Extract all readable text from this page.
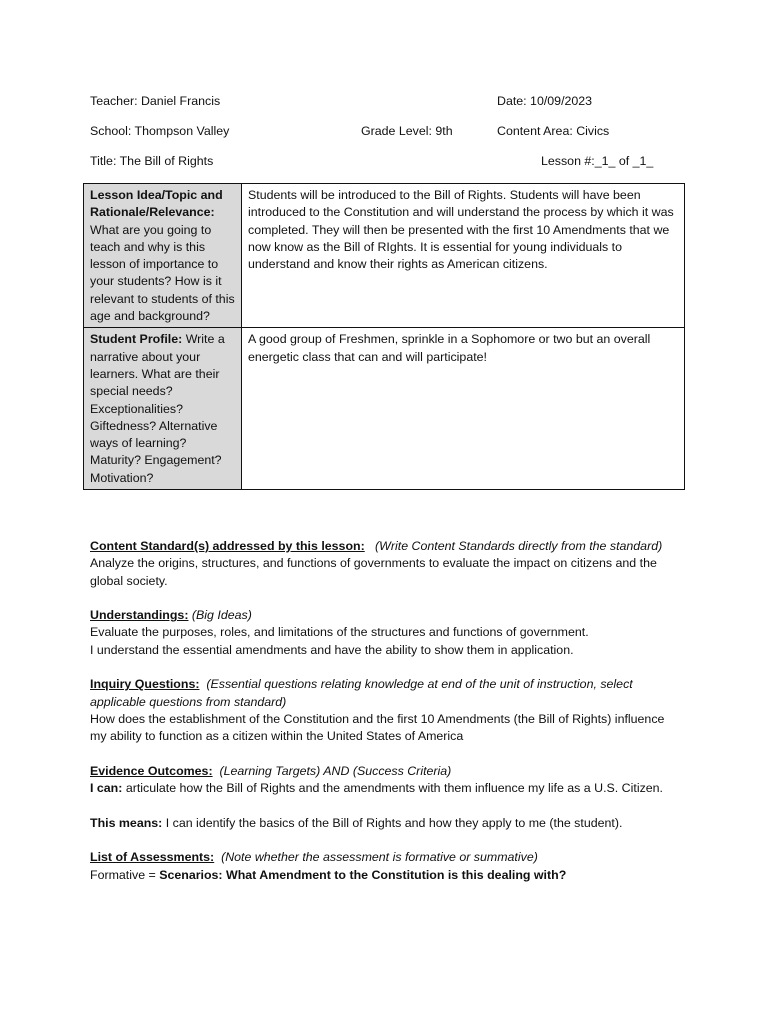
Teacher: Daniel Francis	Date: 10/09/2023
School: Thompson Valley	Grade Level: 9th	Content Area: Civics
Title: The Bill of Rights	Lesson #:_1_ of _1_
Lesson Idea/Topic and Rationale/Relevance: What are you going to teach and why is this lesson of importance to your students? How is it relevant to students of this age and background?	Students will be introduced to the Bill of Rights. Students will have been introduced to the Constitution and will understand the process by which it was completed. They will then be presented with the first 10 Amendments that we now know as the Bill of RIghts. It is essential for young individuals to understand and know their rights as American citizens.
Student Profile: Write a narrative about your learners. What are their special needs? Exceptionalities? Giftedness? Alternative ways of learning? Maturity? Engagement? Motivation?	A good group of Freshmen, sprinkle in a Sophomore or two but an overall energetic class that can and will participate!

Content Standard(s) addressed by this lesson: (Write Content Standards directly from the standard)

Analyze the origins, structures, and functions of governments to evaluate the impact on citizens and the global society.

Understandings: (Big Ideas)

Evaluate the purposes, roles, and limitations of the structures and functions of government.

I understand the essential amendments and have the ability to show them in application.

Inquiry Questions: (Essential questions relating knowledge at end of the unit of instruction, select applicable questions from standard)

How does the establishment of the Constitution and the first 10 Amendments (the Bill of Rights) influence my ability to function as a citizen within the United States of America

Evidence Outcomes: (Learning Targets) AND (Success Criteria)

I can: articulate how the Bill of Rights and the amendments with them influence my life as a U.S. Citizen.

This means: I can identify the basics of the Bill of Rights and how they apply to me (the student).

List of Assessments: (Note whether the assessment is formative or summative)

Formative = Scenarios: What Amendment to the Constitution is this dealing with?
